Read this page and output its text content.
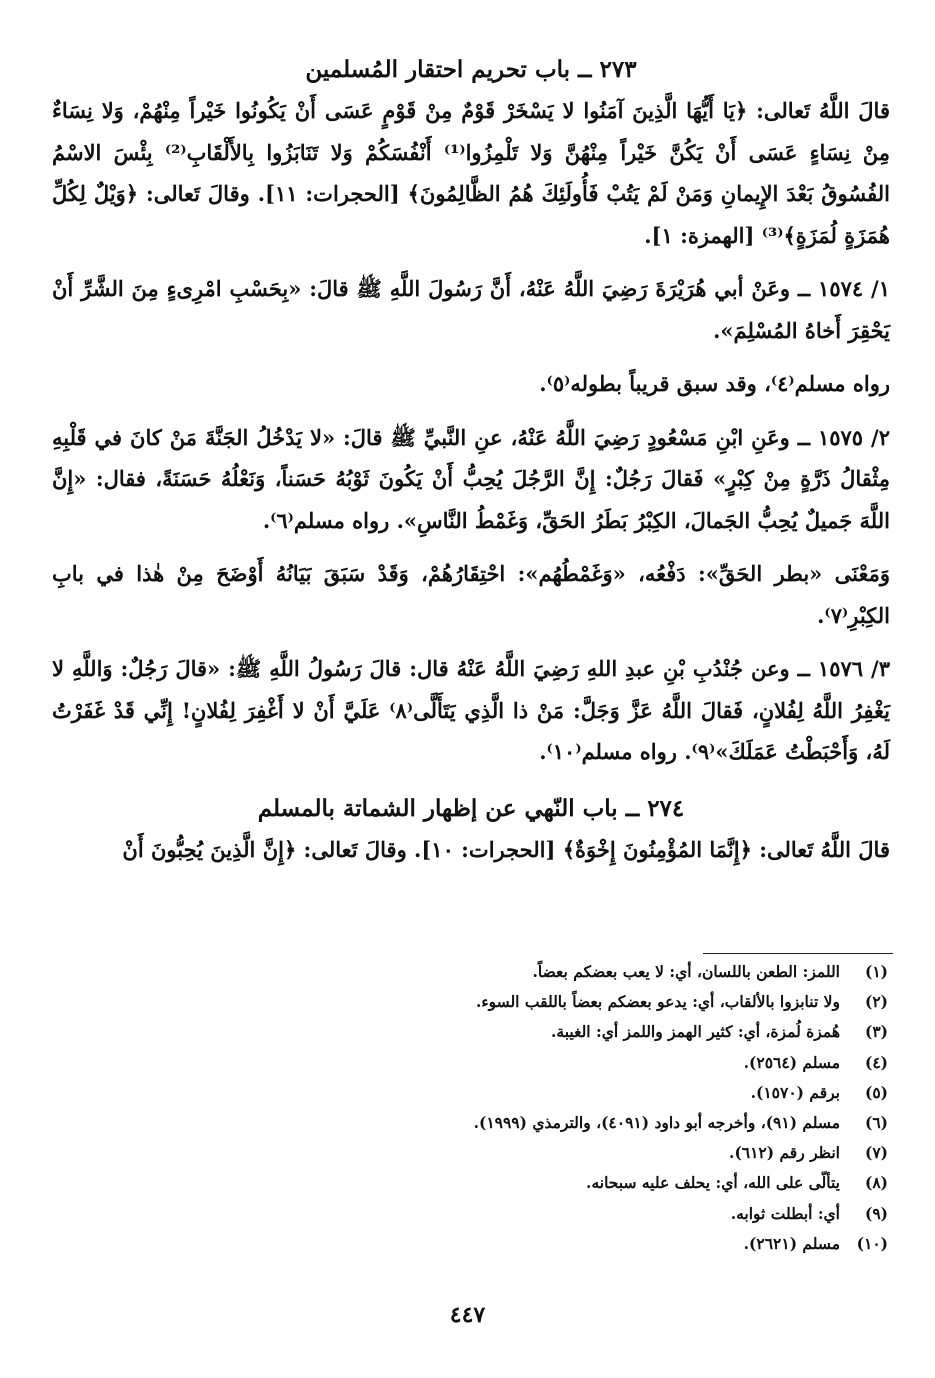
٢٧٣ ــ باب تحريم احتقار المُسلمين

قالَ اللَّهُ تَعالى: ﴿يَا أَيُّهَا الَّذِينَ آمَنُوا لا يَسْخَرْ قَوْمٌ مِنْ قَوْمٍ عَسَى أَنْ يَكُونُوا خَيْراً مِنْهُمْ، وَلا نِسَاءٌ مِنْ نِسَاءٍ عَسَى أَنْ يَكُنَّ خَيْراً مِنْهُنَّ وَلا تَلْمِزُوا⁽¹⁾ أَنْفُسَكُمْ وَلا تَنَابَزُوا بِالأَلْقَابِ⁽²⁾ بِئْسَ الاسْمُ الفُسُوقُ بَعْدَ الإِيمانِ وَمَنْ لَمْ يَتُبْ فَأُولَئِكَ هُمُ الظَّالِمُونَ﴾ [الحجرات: ١١]. وقالَ تَعالى: ﴿وَيْلٌ لِكُلِّ هُمَزَةٍ لُمَزَةٍ﴾⁽³⁾ [الهمزة: ١].

١/ ١٥٧٤ ــ وعَنْ أبي هُرَيْرَةَ رَضِيَ اللَّهُ عَنْهُ، أَنَّ رَسُولَ اللَّهِ ﷺ قالَ: «بِحَسْبِ امْرِىءٍ مِنَ الشَّرِّ أَنْ يَحْقِرَ أَخاهُ المُسْلِمَ».

رواه مسلم⁽٤⁾، وقد سبق قريباً بطوله⁽٥⁾.

٢/ ١٥٧٥ ــ وعَنِ ابْنِ مَسْعُودٍ رَضِيَ اللَّهُ عَنْهُ، عنِ النَّبيِّ ﷺ قالَ: «لا يَدْخُلُ الجَنَّةَ مَنْ كانَ في قَلْبِهِ مِثْقالُ ذَرَّةٍ مِنْ كِبْرٍ» فَقالَ رَجُلٌ: إِنَّ الرَّجُلَ يُحِبُّ أَنْ يَكُونَ ثَوْبُهُ حَسَناً، وَنَعْلُهُ حَسَنَةً، فقال: «إِنَّ اللَّهَ جَميلٌ يُحِبُّ الجَمالَ، الكِبْرُ بَطَرُ الحَقِّ، وَغَمْطُ النَّاسِ». رواه مسلم⁽٦⁾.

وَمَعْنَى «بطر الحَقِّ»: دَفْعُه، «وَغَمْطُهُم»: احْتِقَارُهُمْ، وَقَدْ سَبَقَ بَيَانُهُ أَوْضَحَ مِنْ هٰذا في بابِ الكِبْرِ⁽٧⁾.

٣/ ١٥٧٦ ــ وعن جُنْدُبِ بْنِ عبدِ اللهِ رَضِيَ اللَّهُ عَنْهُ قال: قالَ رَسُولُ اللَّهِ ﷺ: «قالَ رَجُلٌ: وَاللَّهِ لا يَغْفِرُ اللَّهُ لِفُلانٍ، فَقالَ اللَّهُ عَزَّ وَجَلَّ: مَنْ ذا الَّذِي يَتَأَلَّى⁽٨⁾ عَلَيَّ أَنْ لا أَغْفِرَ لِفُلانٍ! إِنِّي قَدْ غَفَرْتُ لَهُ، وَأَحْبَطْتُ عَمَلَكَ»⁽٩⁾. رواه مسلم⁽١٠⁾.

٢٧٤ ــ باب النّهي عن إظهار الشماتة بالمسلم

قالَ اللَّهُ تَعالى: ﴿إِنَّمَا المُؤْمِنُونَ إِخْوَةٌ﴾ [الحجرات: ١٠]. وقالَ تَعالى: ﴿إِنَّ الَّذِينَ يُحِبُّونَ أَنْ

(١)اللمز: الطعن باللسان، أي: لا يعب بعضكم بعضاً.
(٢)ولا تنابزوا بالألقاب، أي: يدعو بعضكم بعضاً باللقب السوء.
(٣)هُمزة لُمزة، أي: كثير الهمز واللمز أي: الغيبة.
(٤)مسلم (٢٥٦٤).
(٥)برقم (١٥٧٠).
(٦)مسلم (٩١)، وأخرجه أبو داود (٤٠٩١)، والترمذي (١٩٩٩).
(٧)انظر رقم (٦١٢).
(٨)يتألّى على الله، أي: يحلف عليه سبحانه.
(٩)أي: أبطلت ثوابه.
(١٠)مسلم (٢٦٢١).
٤٤٧
